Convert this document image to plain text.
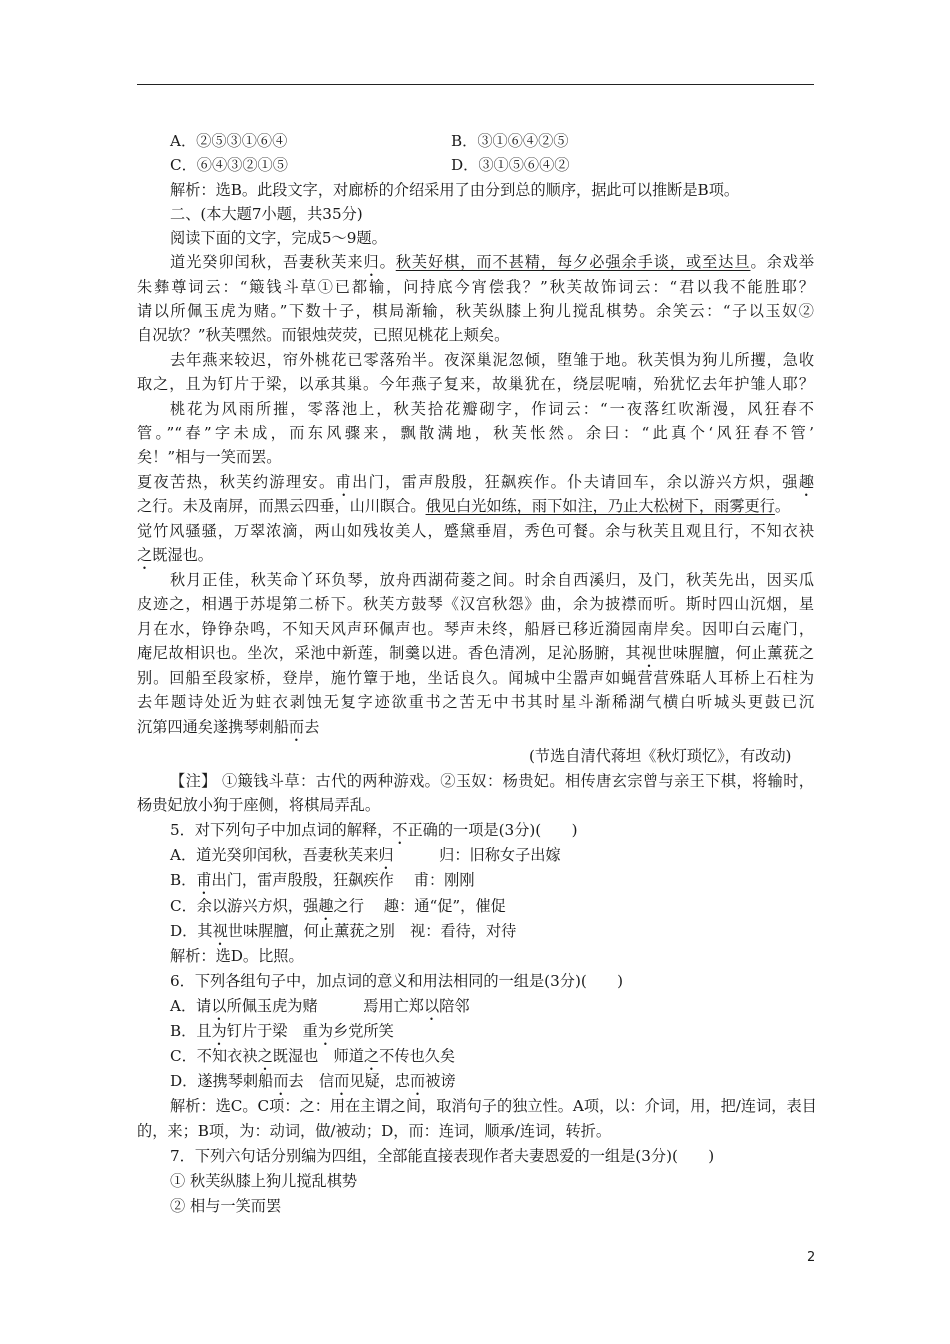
A．②⑤③①⑥④	B．③①⑥④②⑤
C．⑥④③②①⑤	D．③①⑤⑥④②
解析：选B。此段文字，对廊桥的介绍采用了由分到总的顺序，据此可以推断是B项。
二、(本大题7小题，共35分)
阅读下面的文字，完成5～9题。
道光癸卯闰秋，吾妻秋芙来归。秋芙好棋，而不甚精，每夕必强余手谈，或至达旦。余戏举
朱彝尊词云：“簸钱斗草①已都输，问持底今宵偿我？”秋芙故饰词云：“君以我不能胜耶？
请以所佩玉虎为赌。”下数十子，棋局渐输，秋芙纵膝上狗儿搅乱棋势。余笑云：“子以玉奴②
自况欤？”秋芙嘿然。而银烛荧荧，已照见桃花上颊矣。
去年燕来较迟，帘外桃花已零落殆半。夜深巢泥忽倾，堕雏于地。秋芙惧为狗儿所攫，急收
取之，且为钉片于梁，以承其巢。今年燕子复来，故巢犹在，绕层呢喃，殆犹忆去年护雏人耶？
桃花为风雨所摧，零落池上，秋芙拾花瓣砌字，作词云：“一夜落红吹渐漫，风狂春不
管。”“春”字未成，而东风骤来，飘散满地，秋芙怅然。余曰：“此真个‘风狂春不管’
矣！”相与一笑而罢。
夏夜苦热，秋芙约游理安。甫出门，雷声殷殷，狂飙疾作。仆夫请回车，余以游兴方炽，强趣
之行。未及南屏，而黑云四垂，山川瞑合。俄见白光如练，雨下如注，乃止大松树下，雨雾更行。
觉竹风骚骚，万翠浓滴，两山如残妆美人，蹙黛垂眉，秀色可餐。余与秋芙且观且行，不知衣袂
之既湿也。
秋月正佳，秋芙命丫环负琴，放舟西湖荷菱之间。时余自西溪归，及门，秋芙先出，因买瓜
皮迹之，相遇于苏堤第二桥下。秋芙方鼓琴《汉宫秋怨》曲，余为披襟而听。斯时四山沉烟，星
月在水，铮铮杂鸣，不知天风声环佩声也。琴声未终，船唇已移近漪园南岸矣。因叩白云庵门，
庵尼故相识也。坐次，采池中新莲，制羹以进。香色清冽，足沁肠腑，其视世味腥膻，何止薰莸之
别。回船至段家桥，登岸，施竹簟于地，坐话良久。闻城中尘嚣声如蝇营营殊聒人耳桥上石柱为
去年题诗处近为蛀衣剥蚀无复字迹欲重书之苦无中书其时星斗渐稀湖气横白听城头更鼓已沉
沉第四通矣遂携琴刺船而去
(节选自清代蒋坦《秋灯琐忆》，有改动)
【注】 ①簸钱斗草：古代的两种游戏。②玉奴：杨贵妃。相传唐玄宗曾与亲王下棋，将输时，
杨贵妃放小狗于座侧，将棋局弄乱。
5．对下列句子中加点词的解释，不正确的一项是(3分)(　　)
A．道光癸卯闰秋，吾妻秋芙来归　　　归：旧称女子出嫁
B．甫出门，雷声殷殷，狂飙疾作　 甫：刚刚
C．余以游兴方炽，强趣之行　 趣：通“促”，催促
D．其视世味腥膻，何止薰莸之别　视：看待，对待
解析：选D。比照。
6．下列各组句子中，加点词的意义和用法相同的一组是(3分)(　　)
A．请以所佩玉虎为赌　　　焉用亡郑以陪邻
B．且为钉片于梁　重为乡党所笑
C．不知衣袂之既湿也　师道之不传也久矣
D．遂携琴刺船而去　信而见疑，忠而被谤
解析：选C。C项：之：用在主谓之间，取消句子的独立性。A项，以：介词，用，把/连词，表目
的，来；B项，为：动词，做/被动；D，而：连词，顺承/连词，转折。
7．下列六句话分别编为四组，全部能直接表现作者夫妻恩爱的一组是(3分)(　　)
① 秋芙纵膝上狗儿搅乱棋势
② 相与一笑而罢
2
